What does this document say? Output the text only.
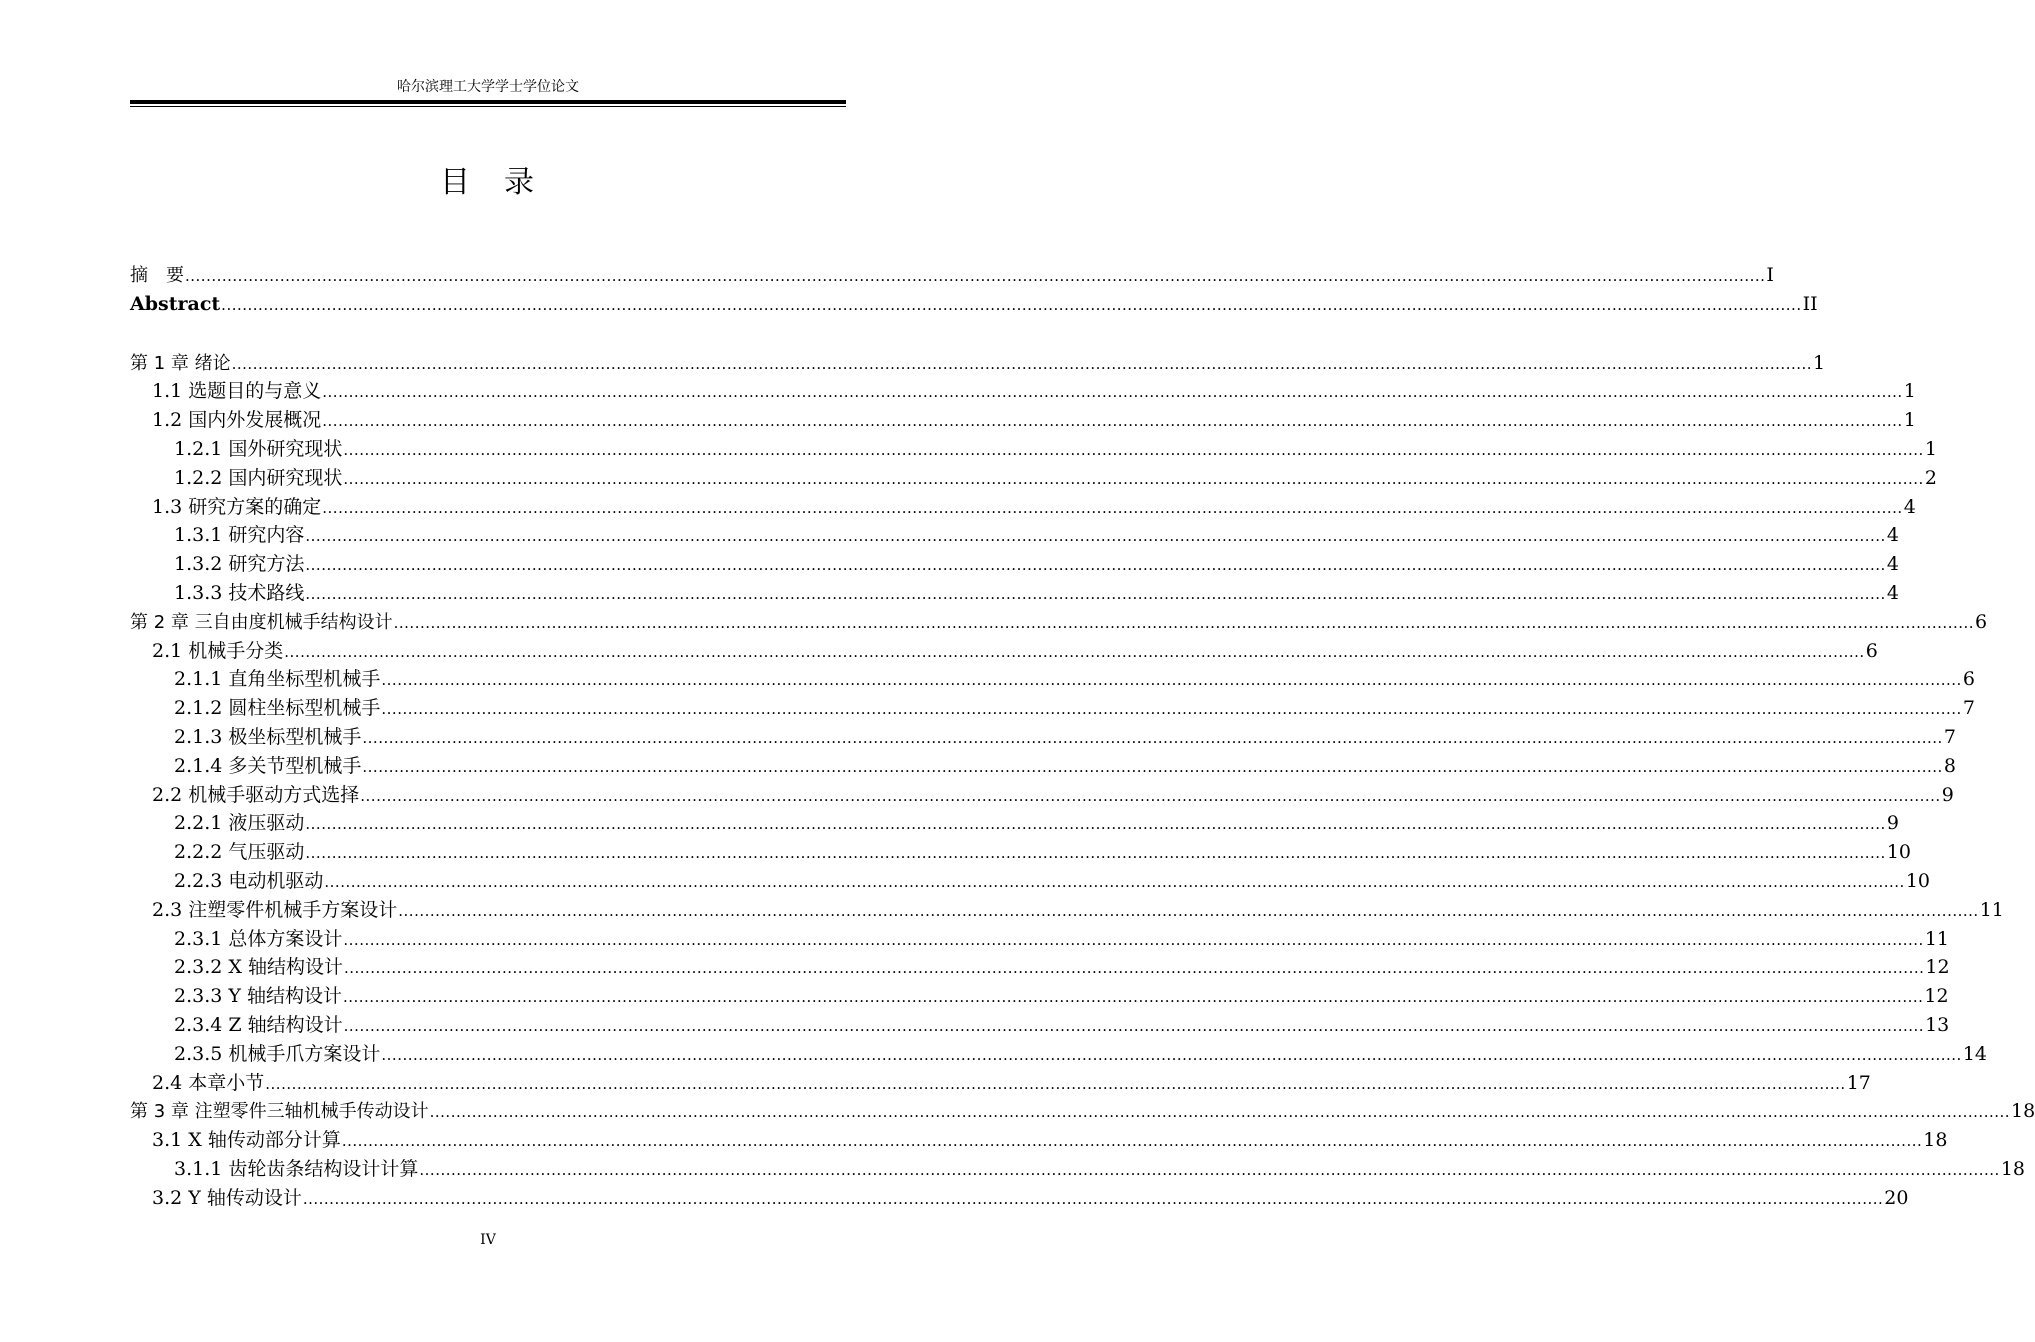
哈尔滨理工大学学士学位论文
目　录
摘　要 ............................................................................................................................................................................................................................................................................................................ I
Abstract ............................................................................................................................................................................................................................................................................................................ II
第 1 章 绪论 ............................................................................................................................................................................................................................................................................................................ 1
1.1 选题目的与意义 ............................................................................................................................................................................................................................................................................................................ 1
1.2 国内外发展概况 ............................................................................................................................................................................................................................................................................................................ 1
1.2.1 国外研究现状 ............................................................................................................................................................................................................................................................................................................ 1
1.2.2 国内研究现状 ............................................................................................................................................................................................................................................................................................................ 2
1.3 研究方案的确定 ............................................................................................................................................................................................................................................................................................................ 4
1.3.1 研究内容 ............................................................................................................................................................................................................................................................................................................ 4
1.3.2 研究方法 ............................................................................................................................................................................................................................................................................................................ 4
1.3.3 技术路线 ............................................................................................................................................................................................................................................................................................................ 4
第 2 章 三自由度机械手结构设计 ............................................................................................................................................................................................................................................................................................................ 6
2.1 机械手分类 ............................................................................................................................................................................................................................................................................................................ 6
2.1.1 直角坐标型机械手 ............................................................................................................................................................................................................................................................................................................ 6
2.1.2 圆柱坐标型机械手 ............................................................................................................................................................................................................................................................................................................ 7
2.1.3 极坐标型机械手 ............................................................................................................................................................................................................................................................................................................ 7
2.1.4 多关节型机械手 ............................................................................................................................................................................................................................................................................................................ 8
2.2 机械手驱动方式选择 ............................................................................................................................................................................................................................................................................................................ 9
2.2.1 液压驱动 ............................................................................................................................................................................................................................................................................................................ 9
2.2.2 气压驱动 ............................................................................................................................................................................................................................................................................................................ 10
2.2.3 电动机驱动 ............................................................................................................................................................................................................................................................................................................ 10
2.3 注塑零件机械手方案设计 ............................................................................................................................................................................................................................................................................................................ 11
2.3.1 总体方案设计 ............................................................................................................................................................................................................................................................................................................ 11
2.3.2 X 轴结构设计 ............................................................................................................................................................................................................................................................................................................ 12
2.3.3 Y 轴结构设计 ............................................................................................................................................................................................................................................................................................................ 12
2.3.4 Z 轴结构设计 ............................................................................................................................................................................................................................................................................................................ 13
2.3.5 机械手爪方案设计 ............................................................................................................................................................................................................................................................................................................ 14
2.4 本章小节 ............................................................................................................................................................................................................................................................................................................ 17
第 3 章 注塑零件三轴机械手传动设计 ............................................................................................................................................................................................................................................................................................................ 18
3.1 X 轴传动部分计算 ............................................................................................................................................................................................................................................................................................................ 18
3.1.1 齿轮齿条结构设计计算 ............................................................................................................................................................................................................................................................................................................ 18
3.2 Y 轴传动设计 ............................................................................................................................................................................................................................................................................................................ 20
IV
